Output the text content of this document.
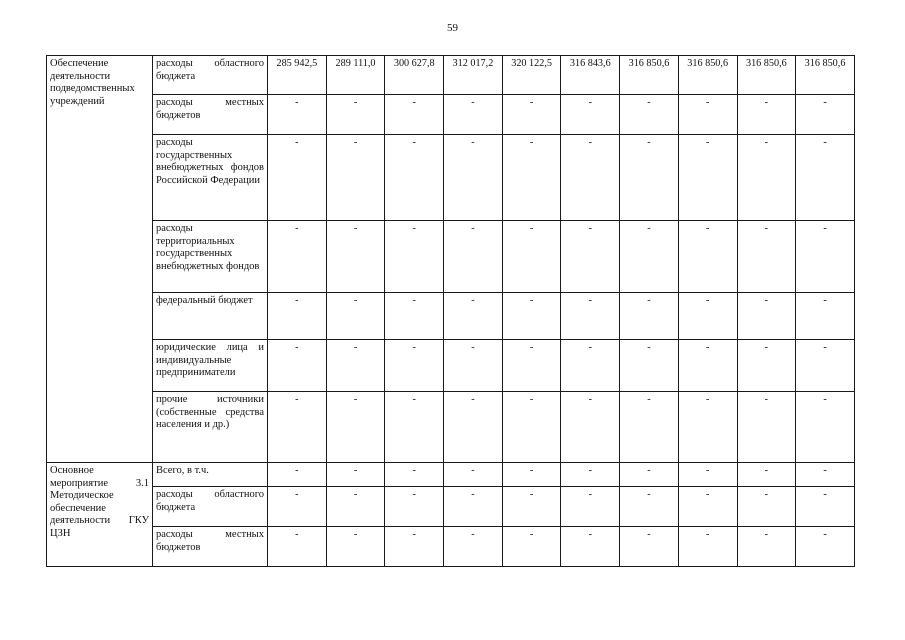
59
Обеспечение деятельности подведомственных учреждений	расходы областного бюджета	285 942,5	289 111,0	300 627,8	312 017,2	320 122,5	316 843,6	316 850,6	316 850,6	316 850,6	316 850,6
	расходы местных бюджетов	-	-	-	-	-	-	-	-	-	-
	расходы государственных внебюджетных фондов Российской Федерации	-	-	-	-	-	-	-	-	-	-
	расходы территориальных государственных внебюджетных фондов	-	-	-	-	-	-	-	-	-	-
	федеральный бюджет	-	-	-	-	-	-	-	-	-	-
	юридические лица и индивидуальные предприниматели	-	-	-	-	-	-	-	-	-	-
	прочие источники (собственные средства населения и др.)	-	-	-	-	-	-	-	-	-	-
Основное мероприятие 3.1 Методическое обеспечение деятельности ГКУ ЦЗН	Всего, в т.ч.	-	-	-	-	-	-	-	-	-	-
	расходы областного бюджета	-	-	-	-	-	-	-	-	-	-
	расходы местных бюджетов	-	-	-	-	-	-	-	-	-	-
